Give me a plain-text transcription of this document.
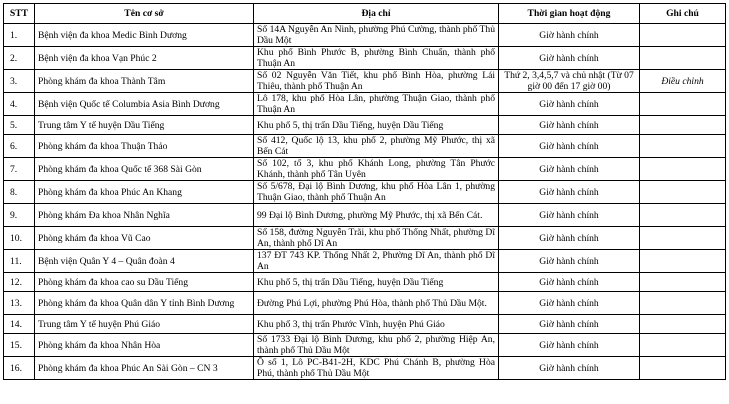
STT	Tên cơ sở	Địa chỉ	Thời gian hoạt động	Ghi chú
1.	Bệnh viện đa khoa Medic Bình Dương	Số 14A Nguyễn An Ninh, phường Phú Cường, thành phố Thủ Dầu Một	Giờ hành chính	
2.	Bệnh viện đa khoa Vạn Phúc 2	Khu phố Bình Phước B, phường Bình Chuẩn, thành phố Thuận An	Giờ hành chính	
3.	Phòng khám đa khoa Thành Tâm	Số 02 Nguyễn Văn Tiết, khu phố Bình Hòa, phường Lái Thiêu, thành phố Thuận An	Thứ 2, 3,4,5,7 và chủ nhật (Từ 07 giờ 00 đến 17 giờ 00)	Điều chỉnh
4.	Bệnh viện Quốc tế Columbia Asia Bình Dương	Lô 178, khu phố Hòa Lân, phường Thuận Giao, thành phố Thuận An	Giờ hành chính	
5.	Trung tâm Y tế huyện Dầu Tiếng	Khu phố 5, thị trấn Dầu Tiếng, huyện Dầu Tiếng	Giờ hành chính	
6.	Phòng khám đa khoa Thuận Thảo	Số 412, Quốc lộ 13, khu phố 2, phường Mỹ Phước, thị xã Bến Cát	Giờ hành chính	
7.	Phòng khám đa khoa Quốc tế 368 Sài Gòn	Số 102, tổ 3, khu phố Khánh Long, phường Tân Phước Khánh, thành phố Tân Uyên	Giờ hành chính	
8.	Phòng khám đa khoa Phúc An Khang	Số 5/678, Đại lộ Bình Dương, khu phố Hòa Lân 1, phường Thuận Giao, thành phố Thuận An	Giờ hành chính	
9.	Phòng khám Đa khoa Nhân Nghĩa	99 Đại lộ Bình Dương, phường Mỹ Phước, thị xã Bến Cát.	Giờ hành chính	
10.	Phòng khám đa khoa Vũ Cao	Số 158, đường Nguyễn Trãi, khu phố Thống Nhất, phường Dĩ An, thành phố Dĩ An	Giờ hành chính	
11.	Bệnh viện Quân Y 4 – Quân đoàn 4	137 ĐT 743 KP. Thống Nhất 2, Phường Dĩ An, thành phố Dĩ An	Giờ hành chính	
12.	Phòng khám đa khoa cao su Dầu Tiếng	Khu phố 5, thị trấn Dầu Tiếng, huyện Dầu Tiếng	Giờ hành chính	
13.	Phòng khám đa khoa Quân dân Y tỉnh Bình Dương	Đường Phú Lợi, phường Phú Hòa, thành phố Thủ Dầu Một.	Giờ hành chính	
14.	Trung tâm Y tế huyện Phú Giáo	Khu phố 3, thị trấn Phước Vĩnh, huyện Phú Giáo	Giờ hành chính	
15.	Phòng khám đa khoa Nhân Hòa	Số 1733 Đại lộ Bình Dương, khu phố 2, phường Hiệp An, thành phố Thủ Dầu Một	Giờ hành chính	
16.	Phòng khám đa khoa Phúc An Sài Gòn – CN 3	Ô số 1, Lô PC-B41-2H, KDC Phú Chánh B, phường Hòa Phú, thành phố Thủ Dầu Một	Giờ hành chính	
